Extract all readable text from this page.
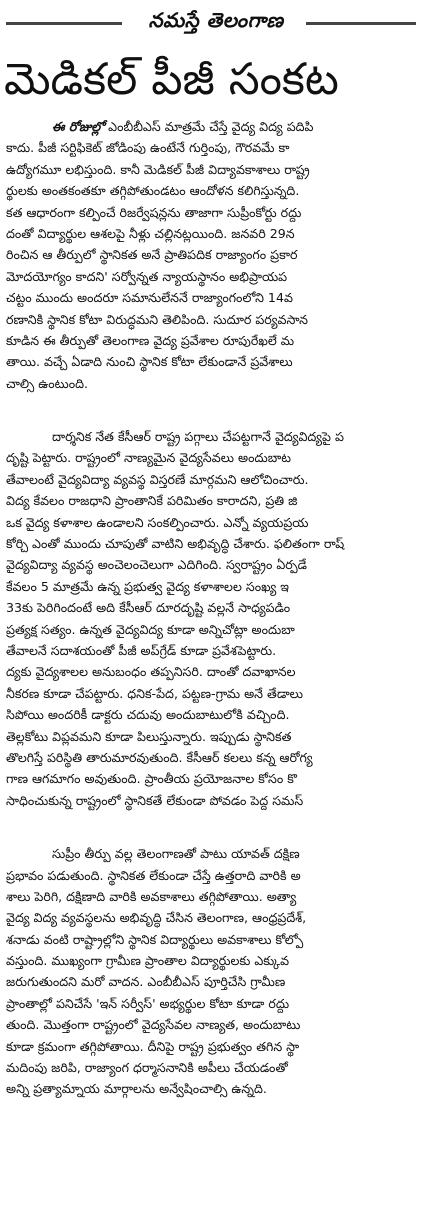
నమస్తే తెలంగాణ
మెడికల్ పీజీ సంకట
ఈ రోజుల్లో ఎంబీబీఎస్ మాత్రమే చేస్తే వైద్య విద్య పదిపి
కాదు. పీజీ సర్టిఫికెట్ జోడింపు ఉంటేనే గుర్తింపు, గౌరవమే కా
ఉద్యోగమూ లభిస్తుంది. కానీ మెడికల్ పీజీ విద్యావకాశాలు రాష్ట్ర
ర్థులకు అంతకంతకూ తగ్గిపోతుండటం ఆందోళన కలిగిస్తున్నది.
కత ఆధారంగా కల్పించే రిజర్వేషన్లను తాజాగా సుప్రీంకోర్టు రద్దు
దంతో విద్యార్థుల ఆశలపై నీళ్లు చల్లినట్లయింది. జనవరి 29న
రించిన ఆ తీర్పులో స్థానికత అనే ప్రాతిపదిక రాజ్యాంగం ప్రకార
మోదయోగ్యం కాదని' సర్వోన్నత న్యాయస్థానం అభిప్రాయప
చట్టం ముందు అందరూ సమానులేననే రాజ్యాంగంలోని 14వ
రణానికి స్థానిక కోటా విరుద్ధమని తెలిపింది. సుదూర పర్యవసాన
కూడిన ఈ తీర్పుతో తెలంగాణ వైద్య ప్రవేశాల రూపురేఖలే మ
తాయి. వచ్చే ఏడాది నుంచి స్థానిక కోటా లేకుండానే ప్రవేశాలు
చాల్సి ఉంటుంది.
దార్శనిక నేత కేసీఆర్ రాష్ట్ర పగ్గాలు చేపట్టగానే వైద్యవిద్యపై ప
దృష్టి పెట్టారు. రాష్ట్రంలో నాణ్యమైన వైద్యసేవలు అందుబాట
తేవాలంటే వైద్యవిద్యా వ్యవస్థ విస్తరణే మార్గమని ఆలోచించారు.
విద్య కేవలం రాజధాని ప్రాంతానికే పరిమితం కారాదని, ప్రతి జి
ఒక వైద్య కళాశాల ఉండాలని సంకల్పించారు. ఎన్నో వ్యయప్రయ
కోర్చి ఎంతో ముందు చూపుతో వాటిని అభివృద్ధి చేశారు. ఫలితంగా రాష్
వైద్యవిద్యా వ్యవస్థ అంచెలంచెలుగా ఎదిగింది. స్వరాష్ట్రం ఏర్పడే
కేవలం 5 మాత్రమే ఉన్న ప్రభుత్వ వైద్య కళాశాలల సంఖ్య ఇ
33కు పెరిగిందంటే అది కేసీఆర్ దూరదృష్టి వల్లనే సాధ్యపడిం
ప్రత్యక్ష సత్యం. ఉన్నత వైద్యవిద్య కూడా అన్నిచోట్లా అందుబా
తేవాలనే సదాశయంతో పీజీ అప్‌గ్రేడ్ కూడా ప్రవేశపెట్టారు.
ద్యకు వైద్యశాలల అనుబంధం తప్పనిసరి. దాంతో దవాఖానల
నీకరణ కూడా చేపట్టారు. ధనిక-పేద, పట్టణ-గ్రామ అనే తేడాలు
సిపోయి అందరికీ డాక్టరు చదువు అందుబాటులోకి వచ్చింది.
తెల్లకోటు విప్లవమని కూడా పిలుస్తున్నారు. ఇప్పుడు స్థానికత
తొలగిస్తే పరిస్థితి తారుమారవుతుంది. కేసీఆర్ కలలు కన్న ఆరోగ్య
గాణ ఆగమాగం అవుతుంది. ప్రాంతీయ ప్రయోజనాల కోసం కొ
సాధించుకున్న రాష్ట్రంలో స్థానికతే లేకుండా పోవడం పెద్ద సమస్
సుప్రీం తీర్పు వల్ల తెలంగాణతో పాటు యావత్ దక్షిణ
ప్రభావం పడుతుంది. స్థానికత లేకుండా చేస్తే ఉత్తరాది వారికి అ
శాలు పెరిగి, దక్షిణాది వారికి అవకాశాలు తగ్గిపోతాయి. అత్యా
వైద్య విద్య వ్యవస్థలను అభివృద్ధి చేసిన తెలంగాణ, ఆంధ్రప్రదేశ్,
శనాడు వంటి రాష్ట్రాల్లోని స్థానిక విద్యార్థులు అవకాశాలు కోల్పో
వస్తుంది. ముఖ్యంగా గ్రామీణ ప్రాంతాల విద్యార్థులకు ఎక్కువ
జరుగుతుందని మరో వాదన. ఎంబీబీఎస్ పూర్తిచేసి గ్రామీణ
ప్రాంతాల్లో పనిచేసే 'ఇన్ సర్వీస్' అభ్యర్థుల కోటా కూడా రద్దు
తుంది. మొత్తంగా రాష్ట్రంలో వైద్యసేవల నాణ్యత, అందుబాటు
కూడా క్రమంగా తగ్గిపోతాయి. దీనిపై రాష్ట్ర ప్రభుత్వం తగిన స్థా
మదింపు జరిపి, రాజ్యాంగ ధర్మాసనానికి అపీలు చేయడంతో
అన్ని ప్రత్యామ్నాయ మార్గాలను అన్వేషించాల్సి ఉన్నది.
